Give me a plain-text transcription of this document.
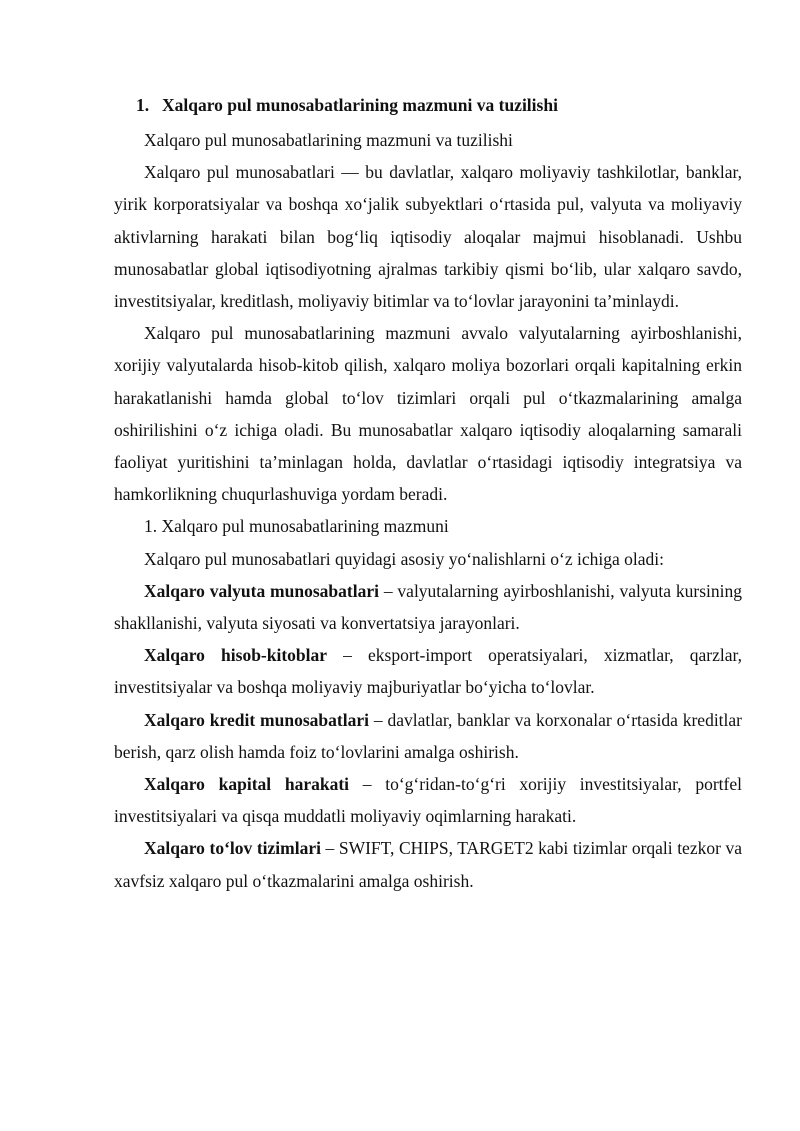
1. Xalqaro pul munosabatlarining mazmuni va tuzilishi

Xalqaro pul munosabatlarining mazmuni va tuzilishi

Xalqaro pul munosabatlari — bu davlatlar, xalqaro moliyaviy tashkilotlar, banklar, yirik korporatsiyalar va boshqa xo‘jalik subyektlari o‘rtasida pul, valyuta va moliyaviy aktivlarning harakati bilan bog‘liq iqtisodiy aloqalar majmui hisoblanadi. Ushbu munosabatlar global iqtisodiyotning ajralmas tarkibiy qismi bo‘lib, ular xalqaro savdo, investitsiyalar, kreditlash, moliyaviy bitimlar va to‘lovlar jarayonini ta’minlaydi.

Xalqaro pul munosabatlarining mazmuni avvalo valyutalarning ayirboshlanishi, xorijiy valyutalarda hisob-kitob qilish, xalqaro moliya bozorlari orqali kapitalning erkin harakatlanishi hamda global to‘lov tizimlari orqali pul o‘tkazmalarining amalga oshirilishini o‘z ichiga oladi. Bu munosabatlar xalqaro iqtisodiy aloqalarning samarali faoliyat yuritishini ta’minlagan holda, davlatlar o‘rtasidagi iqtisodiy integratsiya va hamkorlikning chuqurlashuviga yordam beradi.

1. Xalqaro pul munosabatlarining mazmuni

Xalqaro pul munosabatlari quyidagi asosiy yo‘nalishlarni o‘z ichiga oladi:

Xalqaro valyuta munosabatlari – valyutalarning ayirboshlanishi, valyuta kursining shakllanishi, valyuta siyosati va konvertatsiya jarayonlari.

Xalqaro hisob-kitoblar – eksport-import operatsiyalari, xizmatlar, qarzlar, investitsiyalar va boshqa moliyaviy majburiyatlar bo‘yicha to‘lovlar.

Xalqaro kredit munosabatlari – davlatlar, banklar va korxonalar o‘rtasida kreditlar berish, qarz olish hamda foiz to‘lovlarini amalga oshirish.

Xalqaro kapital harakati – to‘g‘ridan-to‘g‘ri xorijiy investitsiyalar, portfel investitsiyalari va qisqa muddatli moliyaviy oqimlarning harakati.

Xalqaro to‘lov tizimlari – SWIFT, CHIPS, TARGET2 kabi tizimlar orqali tezkor va xavfsiz xalqaro pul o‘tkazmalarini amalga oshirish.
